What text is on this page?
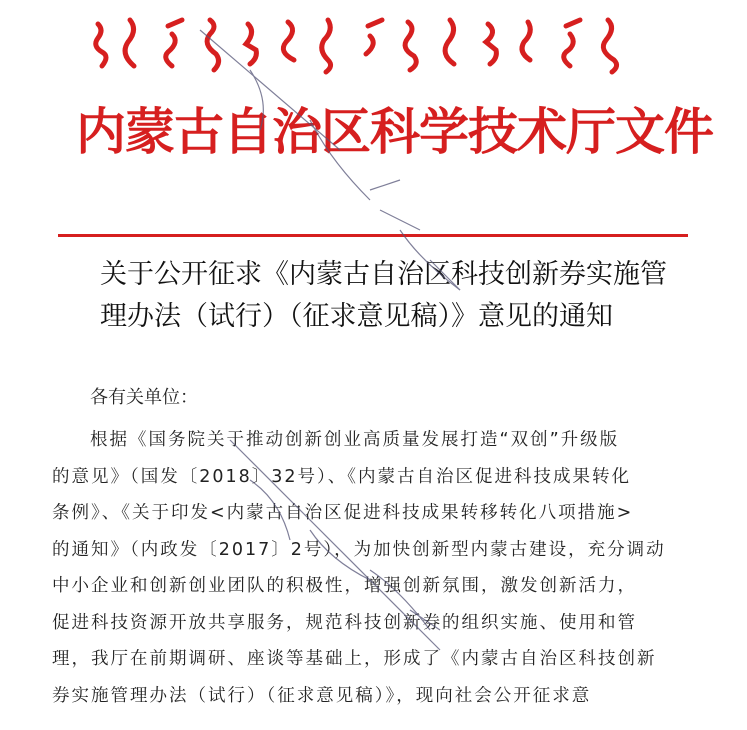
内蒙古自治区科学技术厅文件
关于公开征求《内蒙古自治区科技创新券实施管
理办法（试行）（征求意见稿）》意见的通知
各有关单位：
根据《国务院关于推动创新创业高质量发展打造“双创”升级版
的意见》（国发〔2018〕32号）、《内蒙古自治区促进科技成果转化
条例》、《关于印发<内蒙古自治区促进科技成果转移转化八项措施>
的通知》（内政发〔2017〕2号），为加快创新型内蒙古建设，充分调动
中小企业和创新创业团队的积极性，增强创新氛围，激发创新活力，
促进科技资源开放共享服务，规范科技创新券的组织实施、使用和管
理，我厅在前期调研、座谈等基础上，形成了《内蒙古自治区科技创新
券实施管理办法（试行）（征求意见稿）》，现向社会公开征求意
